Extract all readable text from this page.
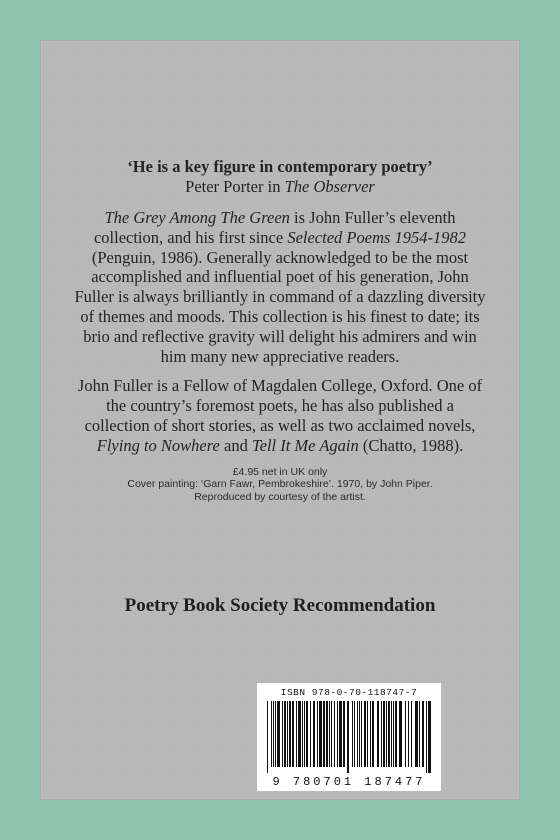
‘He is a key figure in contemporary poetry’

Peter Porter in The Observer

The Grey Among The Green is John Fuller’s eleventh collection, and his first since Selected Poems 1954-1982 (Penguin, 1986). Generally acknowledged to be the most accomplished and influential poet of his generation, John Fuller is always brilliantly in command of a dazzling diversity of themes and moods. This collection is his finest to date; its brio and reflective gravity will delight his admirers and win him many new appreciative readers.

John Fuller is a Fellow of Magdalen College, Oxford. One of the country’s foremost poets, he has also published a collection of short stories, as well as two acclaimed novels, Flying to Nowhere and Tell It Me Again (Chatto, 1988).

£4.95 net in UK only
Cover painting: ‘Garn Fawr, Pembrokeshire’. 1970, by John Piper.
Reproduced by courtesy of the artist.

Poetry Book Society Recommendation
ISBN 978-0-70-118747-7
9 780701 187477
